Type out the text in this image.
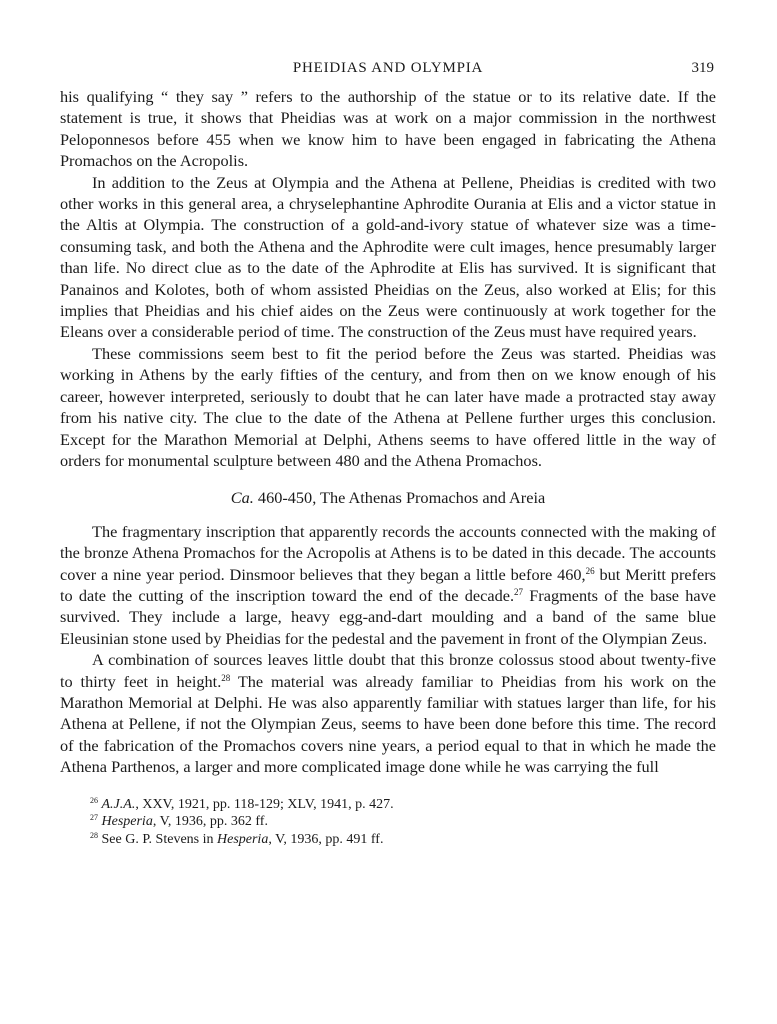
PHEIDIAS AND OLYMPIA	319

his qualifying “ they say ” refers to the authorship of the statue or to its relative date. If the statement is true, it shows that Pheidias was at work on a major commission in the northwest Peloponnesos before 455 when we know him to have been engaged in fabricating the Athena Promachos on the Acropolis.

In addition to the Zeus at Olympia and the Athena at Pellene, Pheidias is credited with two other works in this general area, a chryselephantine Aphrodite Ourania at Elis and a victor statue in the Altis at Olympia. The construction of a gold-and-ivory statue of whatever size was a time-consuming task, and both the Athena and the Aphrodite were cult images, hence presumably larger than life. No direct clue as to the date of the Aphrodite at Elis has survived. It is significant that Panainos and Kolotes, both of whom assisted Pheidias on the Zeus, also worked at Elis; for this implies that Pheidias and his chief aides on the Zeus were continuously at work together for the Eleans over a considerable period of time. The construction of the Zeus must have required years.

These commissions seem best to fit the period before the Zeus was started. Pheidias was working in Athens by the early fifties of the century, and from then on we know enough of his career, however interpreted, seriously to doubt that he can later have made a protracted stay away from his native city. The clue to the date of the Athena at Pellene further urges this conclusion. Except for the Marathon Memorial at Delphi, Athens seems to have offered little in the way of orders for monumental sculpture between 480 and the Athena Promachos.

Ca. 460-450, The Athenas Promachos and Areia

The fragmentary inscription that apparently records the accounts connected with the making of the bronze Athena Promachos for the Acropolis at Athens is to be dated in this decade. The accounts cover a nine year period. Dinsmoor believes that they began a little before 460,26 but Meritt prefers to date the cutting of the inscription toward the end of the decade.$^{27}$ Fragments of the base have survived. They include a large, heavy egg-and-dart moulding and a band of the same blue Eleusinian stone used by Pheidias for the pedestal and the pavement in front of the Olympian Zeus.

A combination of sources leaves little doubt that this bronze colossus stood about twenty-five to thirty feet in height.$^{28}$ The material was already familiar to Pheidias from his work on the Marathon Memorial at Delphi. He was also apparently familiar with statues larger than life, for his Athena at Pellene, if not the Olympian Zeus, seems to have been done before this time. The record of the fabrication of the Promachos covers nine years, a period equal to that in which he made the Athena Parthenos, a larger and more complicated image done while he was carrying the full

$^{26}$ A.J.A., XXV, 1921, pp. 118-129; XLV, 1941, p. 427.
$^{27}$ Hesperia, V, 1936, pp. 362 ff.
$^{28}$ See G. P. Stevens in Hesperia, V, 1936, pp. 491 ff.
